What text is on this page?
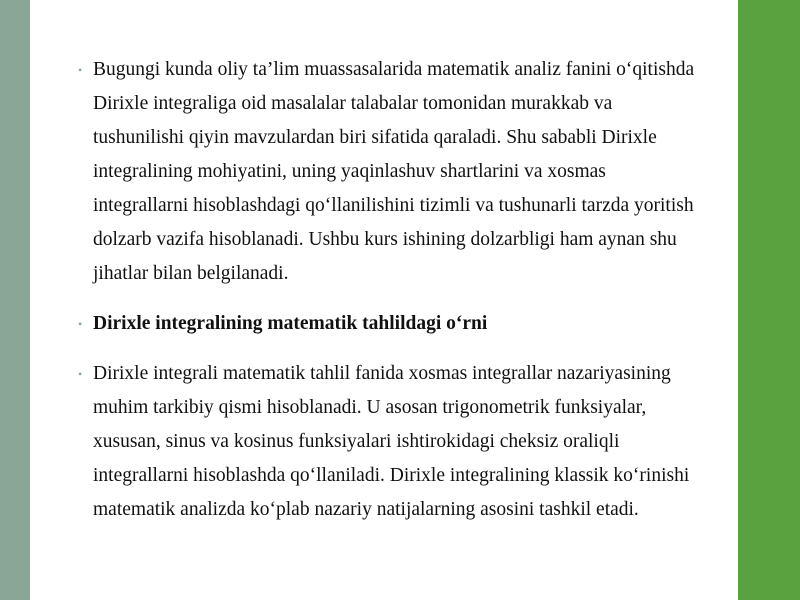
• Bugungi kunda oliy ta’lim muassasalarida matematik analiz fanini o‘qitishda Dirixle integraliga oid masalalar talabalar tomonidan murakkab va tushunilishi qiyin mavzulardan biri sifatida qaraladi. Shu sababli Dirixle integralining mohiyatini, uning yaqinlashuv shartlarini va xosmas integrallarni hisoblashdagi qo‘llanilishini tizimli va tushunarli tarzda yoritish dolzarb vazifa hisoblanadi. Ushbu kurs ishining dolzarbligi ham aynan shu jihatlar bilan belgilanadi.
• Dirixle integralining matematik tahlildagi o‘rni
• Dirixle integrali matematik tahlil fanida xosmas integrallar nazariyasining muhim tarkibiy qismi hisoblanadi. U asosan trigonometrik funksiyalar, xususan, sinus va kosinus funksiyalari ishtirokidagi cheksiz oraliqli integrallarni hisoblashda qo‘llaniladi. Dirixle integralining klassik ko‘rinishi matematik analizda ko‘plab nazariy natijalarning asosini tashkil etadi.
